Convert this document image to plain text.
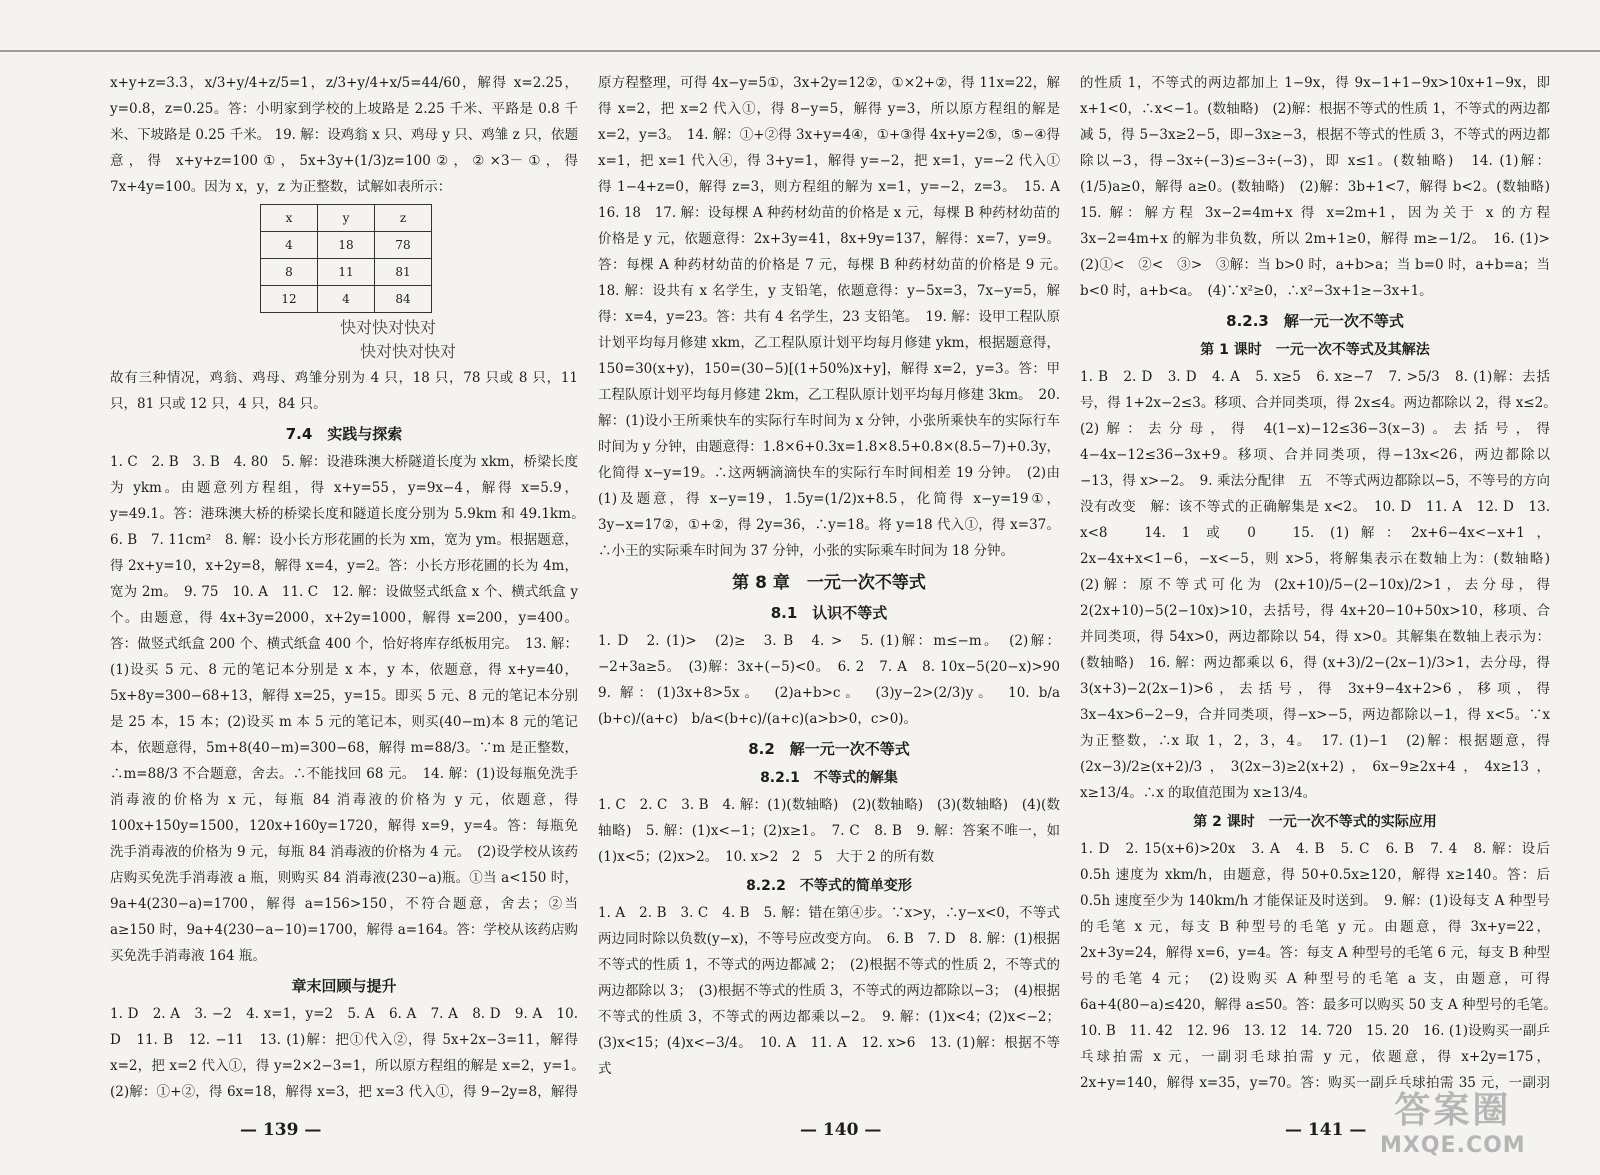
x+y+z=3.3，x/3+y/4+z/5=1，z/3+y/4+x/5=44/60，解得 x=2.25，y=0.8，z=0.25。答：小明家到学校的上坡路是 2.25 千米、平路是 0.8 千米、下坡路是 0.25 千米。 19. 解：设鸡翁 x 只、鸡母 y 只、鸡雏 z 只，依题意，得 x+y+z=100①，5x+3y+(1/3)z=100②，②×3－①，得 7x+4y=100。因为 x，y，z 为正整数，试解如表所示：

x	y	z
4	18	78
8	11	81
12	4	84
快对快对快对
快对快对快对

故有三种情况，鸡翁、鸡母、鸡雏分别为 4 只，18 只，78 只或 8 只，11 只，81 只或 12 只，4 只，84 只。

7.4　实践与探索

1. C　2. B　3. B　4. 80　5. 解：设港珠澳大桥隧道长度为 xkm，桥梁长度为 ykm。由题意列方程组，得 x+y=55，y=9x−4，解得 x=5.9，y=49.1。答：港珠澳大桥的桥梁长度和隧道长度分别为 5.9km 和 49.1km。　6. B　7. 11cm²　8. 解：设小长方形花圃的长为 xm，宽为 ym。根据题意，得 2x+y=10，x+2y=8，解得 x=4，y=2。答：小长方形花圃的长为 4m，宽为 2m。　9. 75　10. A　11. C　12. 解：设做竖式纸盒 x 个、横式纸盒 y 个。由题意，得 4x+3y=2000，x+2y=1000，解得 x=200，y=400。答：做竖式纸盒 200 个、横式纸盒 400 个，恰好将库存纸板用完。　13. 解：(1)设买 5 元、8 元的笔记本分别是 x 本，y 本，依题意，得 x+y=40，5x+8y=300−68+13，解得 x=25，y=15。即买 5 元、8 元的笔记本分别是 25 本，15 本；(2)设买 m 本 5 元的笔记本，则买(40−m)本 8 元的笔记本，依题意得，5m+8(40−m)=300−68，解得 m=88/3。∵m 是正整数，∴m=88/3 不合题意，舍去。∴不能找回 68 元。　14. 解：(1)设每瓶免洗手消毒液的价格为 x 元，每瓶 84 消毒液的价格为 y 元，依题意，得 100x+150y=1500，120x+160y=1720，解得 x=9，y=4。答：每瓶免洗手消毒液的价格为 9 元，每瓶 84 消毒液的价格为 4 元。　(2)设学校从该药店购买免洗手消毒液 a 瓶，则购买 84 消毒液(230−a)瓶。①当 a<150 时，9a+4(230−a)=1700，解得 a=156>150，不符合题意，舍去；②当 a≥150 时，9a+4(230−a−10)=1700，解得 a=164。答：学校从该药店购买免洗手消毒液 164 瓶。

章末回顾与提升

1. D　2. A　3. −2　4. x=1，y=2　5. A　6. A　7. A　8. D　9. A　10. D　11. B　12. −11　13. (1)解：把①代入②，得 5x+2x−3=11，解得 x=2，把 x=2 代入①，得 y=2×2−3=1，所以原方程组的解是 x=2，y=1。　(2)解：①+②，得 6x=18，解得 x=3，把 x=3 代入①，得 9−2y=8，解得 　 　

原方程整理，可得 4x−y=5①，3x+2y=12②，①×2+②，得 11x=22，解得 x=2，把 x=2 代入①，得 8−y=5，解得 y=3，所以原方程组的解是 x=2，y=3。　14. 解：①+②得 3x+y=4④，①+③得 4x+y=2⑤，⑤−④得 x=1，把 x=1 代入④，得 3+y=1，解得 y=−2，把 x=1，y=−2 代入①得 1−4+z=0，解得 z=3，则方程组的解为 x=1，y=−2，z=3。　15. A　16. 18　17. 解：设每棵 A 种药材幼苗的价格是 x 元，每棵 B 种药材幼苗的价格是 y 元，依题意得：2x+3y=41，8x+9y=137，解得：x=7，y=9。答：每棵 A 种药材幼苗的价格是 7 元，每棵 B 种药材幼苗的价格是 9 元。　18. 解：设共有 x 名学生，y 支铅笔，依题意得：y−5x=3，7x−y=5，解得：x=4，y=23。答：共有 4 名学生，23 支铅笔。　19. 解：设甲工程队原计划平均每月修建 xkm，乙工程队原计划平均每月修建 ykm，根据题意得，150=30(x+y)，150=(30−5)[(1+50%)x+y]，解得 x=2，y=3。答：甲工程队原计划平均每月修建 2km，乙工程队原计划平均每月修建 3km。　20. 解：(1)设小王所乘快车的实际行车时间为 x 分钟，小张所乘快车的实际行车时间为 y 分钟，由题意得：1.8×6+0.3x=1.8×8.5+0.8×(8.5−7)+0.3y，化简得 x−y=19。∴这两辆滴滴快车的实际行车时间相差 19 分钟。　(2)由(1)及题意，得 x−y=19，1.5y=(1/2)x+8.5，化简得 x−y=19①，3y−x=17②，①+②，得 2y=36，∴y=18。将 y=18 代入①，得 x=37。∴小王的实际乘车时间为 37 分钟，小张的实际乘车时间为 18 分钟。

第 8 章　一元一次不等式
8.1　认识不等式

1. D　2. (1)>　(2)≥　3. B　4. >　5. (1)解：m≤−m。　(2)解：−2+3a≥5。　(3)解：3x+(−5)<0。　6. 2　7. A　8. 10x−5(20−x)>90　9. 解：(1)3x+8>5x。　(2)a+b>c。　(3)y−2>(2/3)y。　10. b/a　(b+c)/(a+c)　b/a<(b+c)/(a+c)(a>b>0，c>0)。

8.2　解一元一次不等式
8.2.1　不等式的解集

1. C　2. C　3. B　4. 解：(1)(数轴略)　(2)(数轴略)　(3)(数轴略)　(4)(数轴略)　5. 解：(1)x<−1；(2)x≥1。　7. C　8. B　9. 解：答案不唯一，如(1)x<5；(2)x>2。　10. x>2　2　5　大于 2 的所有数

8.2.2　不等式的简单变形

1. A　2. B　3. C　4. B　5. 解：错在第④步。∵x>y，∴y−x<0，不等式两边同时除以负数(y−x)，不等号应改变方向。　6. B　7. D　8. 解：(1)根据不等式的性质 1，不等式的两边都减 2；　(2)根据不等式的性质 2，不等式的两边都除以 3；　(3)根据不等式的性质 3，不等式的两边都除以−3；　(4)根据不等式的性质 3，不等式的两边都乘以−2。　9. 解：(1)x<4；(2)x<−2；(3)x<15；(4)x<−3/4。　10. A　11. A　12. x>6　13. (1)解：根据不等式

的性质 1，不等式的两边都加上 1−9x，得 9x−1+1−9x>10x+1−9x，即 x+1<0，∴x<−1。(数轴略)　(2)解：根据不等式的性质 1，不等式的两边都减 5，得 5−3x≥2−5，即−3x≥−3，根据不等式的性质 3，不等式的两边都除以−3，得−3x÷(−3)≤−3÷(−3)，即 x≤1。(数轴略)　14. (1)解：(1/5)a≥0，解得 a≥0。(数轴略)　(2)解：3b+1<7，解得 b<2。(数轴略)　15. 解：解方程 3x−2=4m+x 得 x=2m+1，因为关于 x 的方程 3x−2=4m+x 的解为非负数，所以 2m+1≥0，解得 m≥−1/2。　16. (1)>　(2)①<　②<　③>　③解：当 b>0 时，a+b>a；当 b=0 时，a+b=a；当 b<0 时，a+b<a。　(4)∵x²≥0，∴x²−3x+1≥−3x+1。

8.2.3　解一元一次不等式
第 1 课时　一元一次不等式及其解法

1. B　2. D　3. D　4. A　5. x≥5　6. x≥−7　7. >5/3　8. (1)解：去括号，得 1+2x−2≤3。移项、合并同类项，得 2x≤4。两边都除以 2，得 x≤2。　(2)解：去分母，得 4(1−x)−12≤36−3(x−3)。去括号，得 4−4x−12≤36−3x+9。移项、合并同类项，得−13x<26，两边都除以−13，得 x>−2。　9. 乘法分配律　五　不等式两边都除以−5，不等号的方向没有改变　解：该不等式的正确解集是 x<2。　10. D　11. A　12. D　13. x<8　14. 1 或 0　15. (1)解：2x+6−4x<−x+1，2x−4x+x<1−6，−x<−5，则 x>5，将解集表示在数轴上为：(数轴略)　(2)解：原不等式可化为 (2x+10)/5−(2−10x)/2>1，去分母，得 2(2x+10)−5(2−10x)>10，去括号，得 4x+20−10+50x>10，移项、合并同类项，得 54x>0，两边都除以 54，得 x>0。其解集在数轴上表示为：(数轴略)　16. 解：两边都乘以 6，得 (x+3)/2−(2x−1)/3>1，去分母，得 3(x+3)−2(2x−1)>6，去括号，得 3x+9−4x+2>6，移项，得 3x−4x>6−2−9，合并同类项，得−x>−5，两边都除以−1，得 x<5。∵x 为正整数，∴x 取 1，2，3，4。　17. (1)−1　(2)解：根据题意，得 (2x−3)/2≥(x+2)/3，3(2x−3)≥2(x+2)，6x−9≥2x+4，4x≥13，x≥13/4。∴x 的取值范围为 x≥13/4。

第 2 课时　一元一次不等式的实际应用

1. D　2. 15(x+6)>20x　3. A　4. B　5. C　6. B　7. 4　8. 解：设后 0.5h 速度为 xkm/h，由题意，得 50+0.5x≥120，解得 x≥140。答：后 0.5h 速度至少为 140km/h 才能保证及时送到。　9. 解：(1)设每支 A 种型号的毛笔 x 元，每支 B 种型号的毛笔 y 元。由题意，得 3x+y=22，2x+3y=24，解得 x=6，y=4。答：每支 A 种型号的毛笔 6 元，每支 B 种型号的毛笔 4 元；　(2)设购买 A 种型号的毛笔 a 支，由题意，可得 6a+4(80−a)≤420，解得 a≤50。答：最多可以购买 50 支 A 种型号的毛笔。　10. B　11. 42　12. 96　13. 12　14. 720　15. 20　16. (1)设购买一副乒乓球拍需 x 元，一副羽毛球拍需 y 元，依题意，得 x+2y=175，2x+y=140，解得 x=35，y=70。答：购买一副乒乓球拍需 35 元，一副羽 　

— 139 —	— 140 —	— 141 — 答案圈
MXQE.COM
